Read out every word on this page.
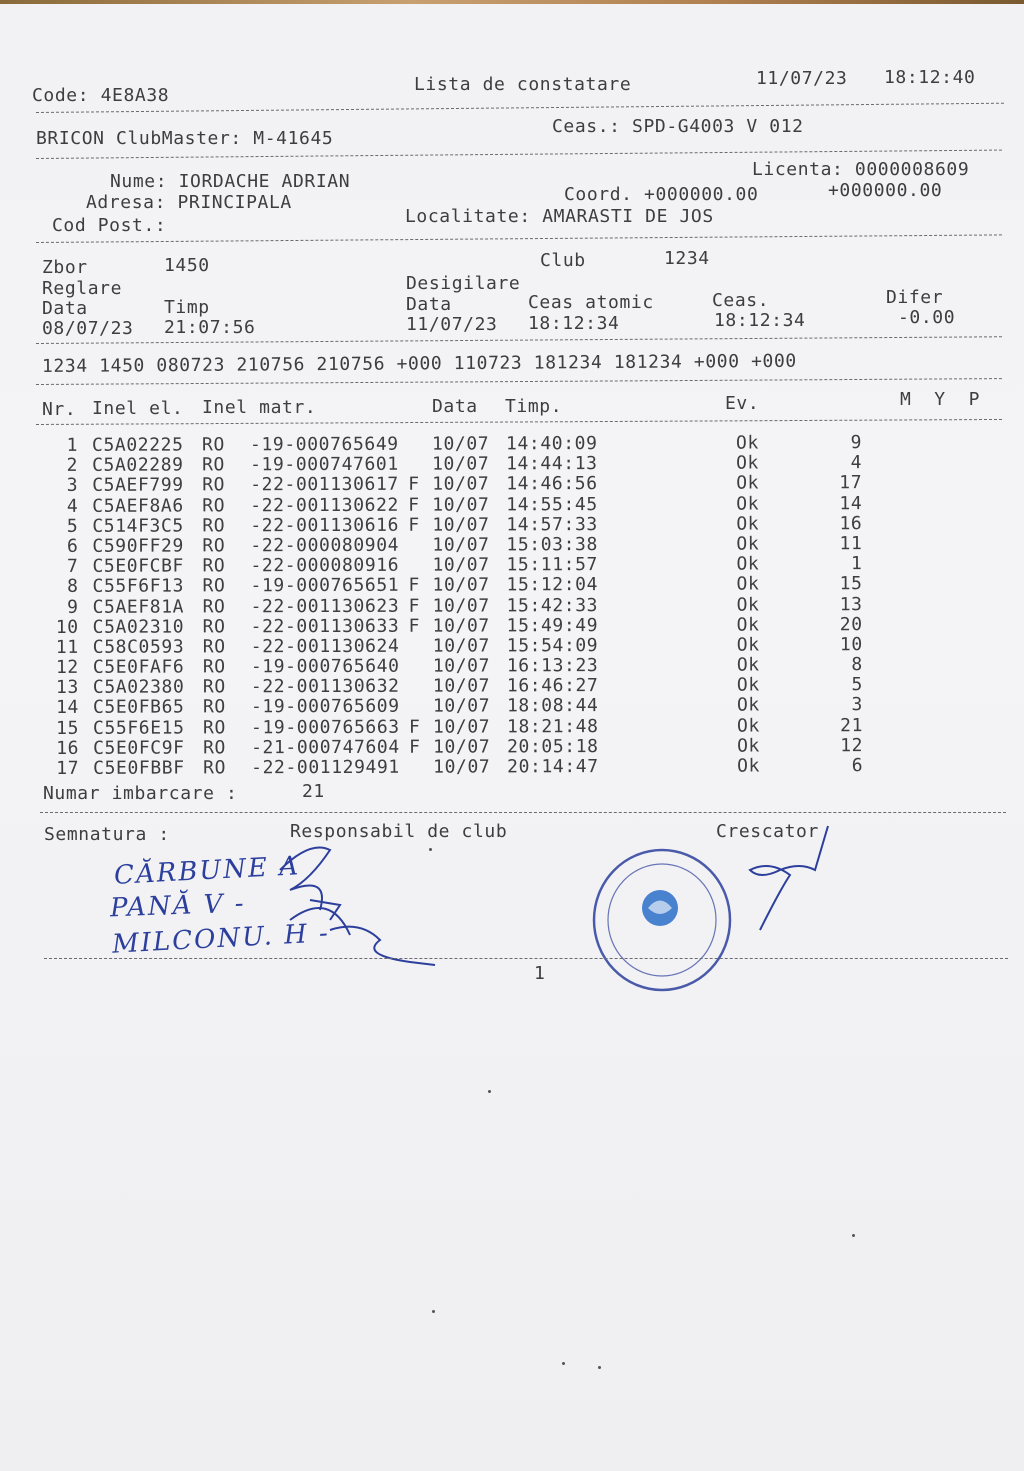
Code: 4E8A38
Lista de constatare	11/07/23 18:12:40
BRICON ClubMaster: M-41645
Ceas.: SPD-G4003 V 012
Licenta: 0000008609
Nume: IORDACHE ADRIAN
Adresa: PRINCIPALA	Coord. +000000.00	+000000.00
Cod Post.:	Localitate: AMARASTI DE JOS
Zbor	1450	Club	1234
Reglare	Desigilare
Data	Timp	Data	Ceas atomic	Ceas.	Difer
08/07/23 21:07:56	11/07/23 18:12:34	18:12:34	-0.00
1234 1450 080723 210756 210756 +000 110723 181234 181234 +000 +000
Nr. Inel el. Inel matr.	Data Timp.	Ev.	M  Y  P
1 C5A02225 RO -19-000765649 10/07 14:40:09	Ok	9
2 C5A02289 RO -19-000747601 10/07 14:44:13	Ok	4
3 C5AEF799 RO -22-001130617 F 10/07 14:46:56	Ok	17
4 C5AEF8A6 RO -22-001130622 F 10/07 14:55:45	Ok	14
5 C514F3C5 RO -22-001130616 F 10/07 14:57:33	Ok	16
6 C590FF29 RO -22-000080904 10/07 15:03:38	Ok	11
7 C5E0FCBF RO -22-000080916 10/07 15:11:57	Ok	1
8 C55F6F13 RO -19-000765651 F 10/07 15:12:04	Ok	15
9 C5AEF81A RO -22-001130623 F 10/07 15:42:33	Ok	13
10 C5A02310 RO -22-001130633 F 10/07 15:49:49	Ok	20
11 C58C0593 RO -22-001130624 10/07 15:54:09	Ok	10
12 C5E0FAF6 RO -19-000765640 10/07 16:13:23	Ok	8
13 C5A02380 RO -22-001130632 10/07 16:46:27	Ok	5
14 C5E0FB65 RO -19-000765609 10/07 18:08:44	Ok	3
15 C55F6E15 RO -19-000765663 F 10/07 18:21:48	Ok	21
16 C5E0FC9F RO -21-000747604 F 10/07 20:05:18	Ok	12
17 C5E0FBBF RO -22-001129491 10/07 20:14:47	Ok	6
Numar imbarcare :	21
Semnatura :	Responsabil de club	Crescator
CĂRBUNE A
PANĂ V -
MILCONU. H -
1
